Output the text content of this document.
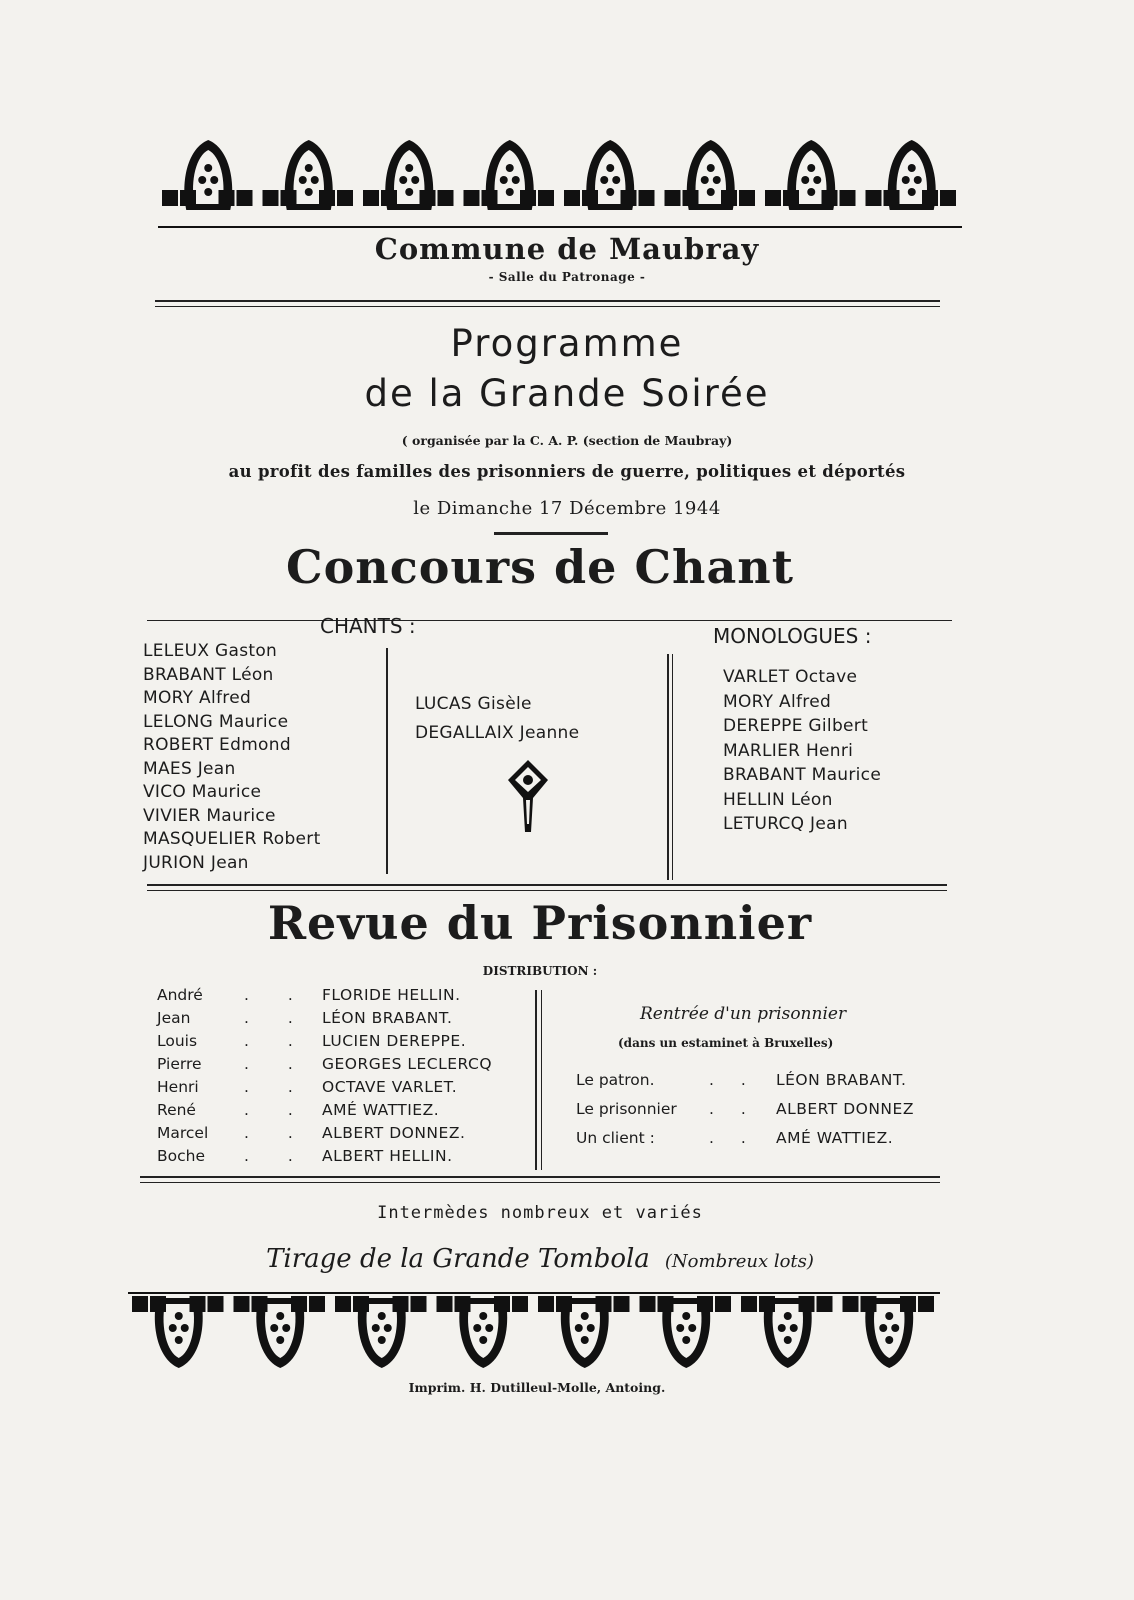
Commune de Maubray
- Salle du Patronage -
Programme
de la Grande Soirée
( organisée par la C. A. P. (section de Maubray)
au profit des familles des prisonniers de guerre, politiques et déportés
le Dimanche 17 Décembre 1944
Concours de Chant
CHANTS :	MONOLOGUES :
LELEUX Gaston
BRABANT Léon
MORY Alfred
LELONG Maurice
ROBERT Edmond
MAES Jean
VICO Maurice
VIVIER Maurice
MASQUELIER Robert
JURION Jean
LUCAS Gisèle
DEGALLAIX Jeanne
VARLET Octave
MORY Alfred
DEREPPE Gilbert
MARLIER Henri
BRABANT Maurice
HELLIN Léon
LETURCQ Jean
Revue du Prisonnier
DISTRIBUTION :
André
Jean
Louis
Pierre
Henri
René
Marcel
Boche
. .
. .
. .
. .
. .
. .
. .
. .
FLORIDE HELLIN.
LÉON BRABANT.
LUCIEN DEREPPE.
GEORGES LECLERCQ
OCTAVE VARLET.
AMÉ WATTIEZ.
ALBERT DONNEZ.
ALBERT HELLIN.
Rentrée d'un prisonnier
(dans un estaminet à Bruxelles)
Le patron.
Le prisonnier
Un client :
. .
. .
. .
LÉON BRABANT.
ALBERT DONNEZ
AMÉ WATTIEZ.
Intermèdes nombreux et variés
Tirage de la Grande Tombola (Nombreux lots)
Imprim. H. Dutilleul-Molle, Antoing.
